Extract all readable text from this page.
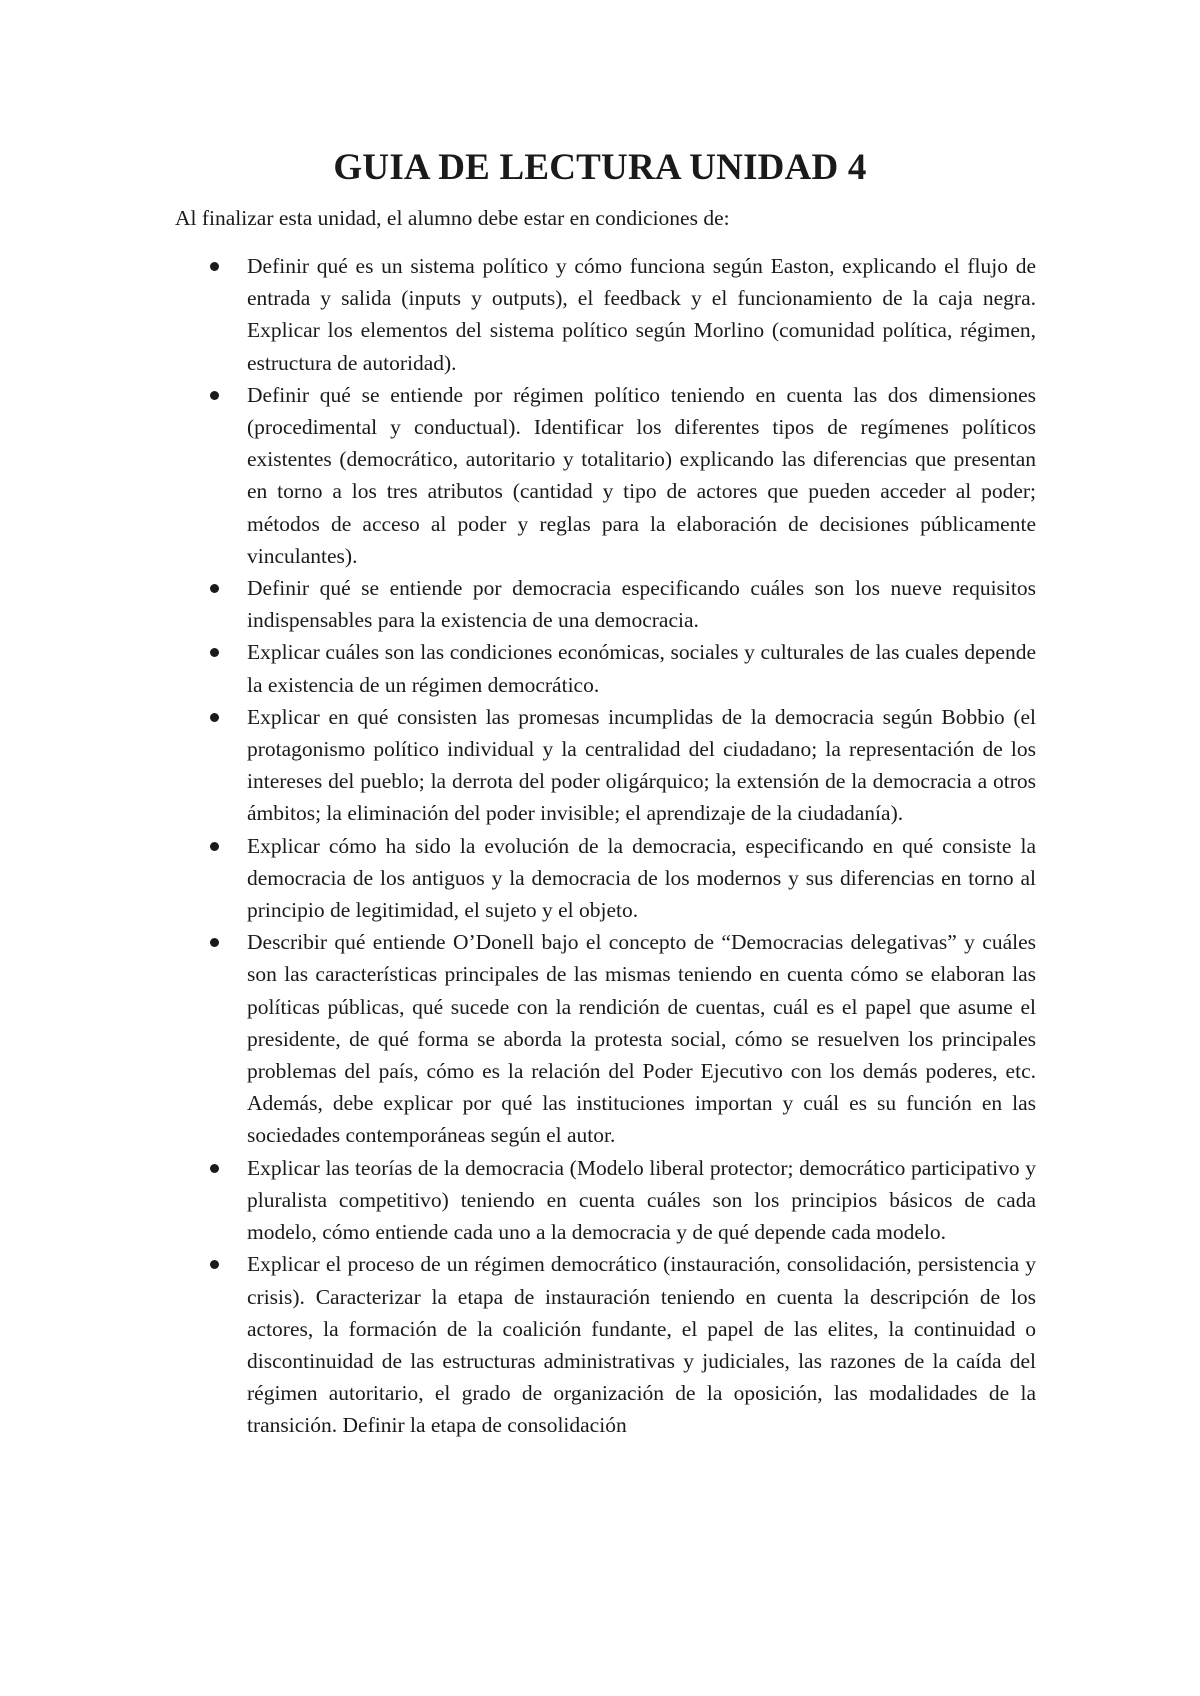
GUIA DE LECTURA UNIDAD 4

Al finalizar esta unidad, el alumno debe estar en condiciones de:

Definir qué es un sistema político y cómo funciona según Easton, explicando el flujo de entrada y salida (inputs y outputs), el feedback y el funcionamiento de la caja negra. Explicar los elementos del sistema político según Morlino (comunidad política, régimen, estructura de autoridad).
Definir qué se entiende por régimen político teniendo en cuenta las dos dimensiones (procedimental y conductual). Identificar los diferentes tipos de regímenes políticos existentes (democrático, autoritario y totalitario) explicando las diferencias que presentan en torno a los tres atributos (cantidad y tipo de actores que pueden acceder al poder; métodos de acceso al poder y reglas para la elaboración de decisiones públicamente vinculantes).
Definir qué se entiende por democracia especificando cuáles son los nueve requisitos indispensables para la existencia de una democracia.
Explicar cuáles son las condiciones económicas, sociales y culturales de las cuales depende la existencia de un régimen democrático.
Explicar en qué consisten las promesas incumplidas de la democracia según Bobbio (el protagonismo político individual y la centralidad del ciudadano; la representación de los intereses del pueblo; la derrota del poder oligárquico; la extensión de la democracia a otros ámbitos; la eliminación del poder invisible; el aprendizaje de la ciudadanía).
Explicar cómo ha sido la evolución de la democracia, especificando en qué consiste la democracia de los antiguos y la democracia de los modernos y sus diferencias en torno al principio de legitimidad, el sujeto y el objeto.
Describir qué entiende O’Donell bajo el concepto de “Democracias delegativas” y cuáles son las características principales de las mismas teniendo en cuenta cómo se elaboran las políticas públicas, qué sucede con la rendición de cuentas, cuál es el papel que asume el presidente, de qué forma se aborda la protesta social, cómo se resuelven los principales problemas del país, cómo es la relación del Poder Ejecutivo con los demás poderes, etc. Además, debe explicar por qué las instituciones importan y cuál es su función en las sociedades contemporáneas según el autor.
Explicar las teorías de la democracia (Modelo liberal protector; democrático participativo y pluralista competitivo) teniendo en cuenta cuáles son los principios básicos de cada modelo, cómo entiende cada uno a la democracia y de qué depende cada modelo.
Explicar el proceso de un régimen democrático (instauración, consolidación, persistencia y crisis). Caracterizar la etapa de instauración teniendo en cuenta la descripción de los actores, la formación de la coalición fundante, el papel de las elites, la continuidad o discontinuidad de las estructuras administrativas y judiciales, las razones de la caída del régimen autoritario, el grado de organización de la oposición, las modalidades de la transición. Definir la etapa de consolidación
